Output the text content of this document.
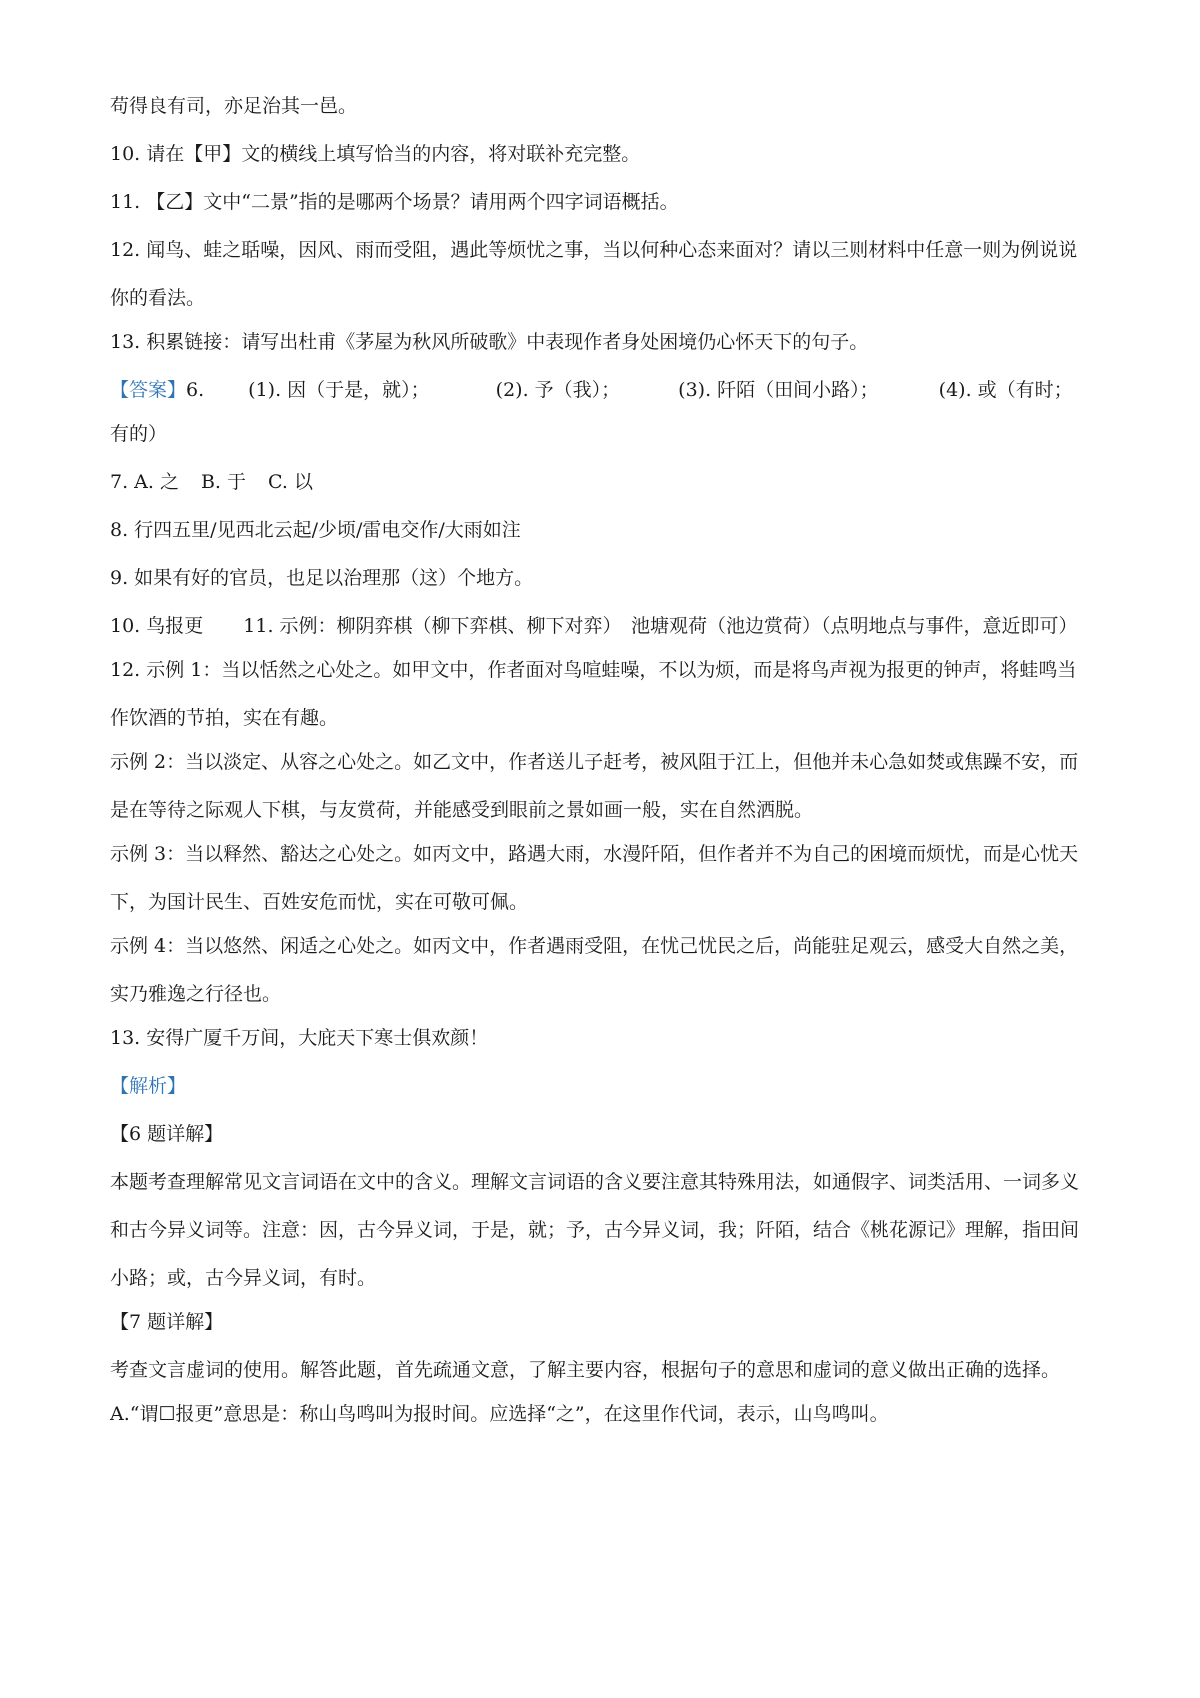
苟得良有司，亦足治其一邑。
10. 请在【甲】文的横线上填写恰当的内容，将对联补充完整。
11. 【乙】文中“二景”指的是哪两个场景？请用两个四字词语概括。
12. 闻鸟、蛙之聒噪，因风、雨而受阻，遇此等烦忧之事，当以何种心态来面对？请以三则材料中任意一则为例说说你的看法。
13. 积累链接：请写出杜甫《茅屋为秋风所破歌》中表现作者身处困境仍心怀天下的句子。
【答案】 6. (1). 因（于是，就）；	(2). 予（我）；	(3). 阡陌（田间小路）；	(4). 或（有时；
有的）
7. A. 之 B. 于 C. 以
8. 行四五里/见西北云起/少顷/雷电交作/大雨如注
9. 如果有好的官员，也足以治理那（这）个地方。
10. 鸟报更 11. 示例：柳阴弈棋（柳下弈棋、柳下对弈）　池塘观荷（池边赏荷）（点明地点与事件，意近即可）
12. 示例 1：当以恬然之心处之。如甲文中，作者面对鸟喧蛙噪，不以为烦，而是将鸟声视为报更的钟声，将蛙鸣当作饮酒的节拍，实在有趣。
示例 2：当以淡定、从容之心处之。如乙文中，作者送儿子赶考，被风阻于江上，但他并未心急如焚或焦躁不安，而是在等待之际观人下棋，与友赏荷，并能感受到眼前之景如画一般，实在自然洒脱。
示例 3：当以释然、豁达之心处之。如丙文中，路遇大雨，水漫阡陌，但作者并不为自己的困境而烦忧，而是心忧天下，为国计民生、百姓安危而忧，实在可敬可佩。
示例 4：当以悠然、闲适之心处之。如丙文中，作者遇雨受阻，在忧己忧民之后，尚能驻足观云，感受大自然之美，实乃雅逸之行径也。
13. 安得广厦千万间，大庇天下寒士俱欢颜！
【解析】
【6 题详解】
本题考查理解常见文言词语在文中的含义。理解文言词语的含义要注意其特殊用法，如通假字、词类活用、一词多义和古今异义词等。注意：因，古今异义词，于是，就；予，古今异义词，我；阡陌，结合《桃花源记》理解，指田间小路；或，古今异义词，有时。
【7 题详解】
考查文言虚词的使用。解答此题，首先疏通文意，了解主要内容，根据句子的意思和虚词的意义做出正确的选择。
A.“谓☐报更”意思是：称山鸟鸣叫为报时间。应选择“之”，在这里作代词，表示，山鸟鸣叫。
